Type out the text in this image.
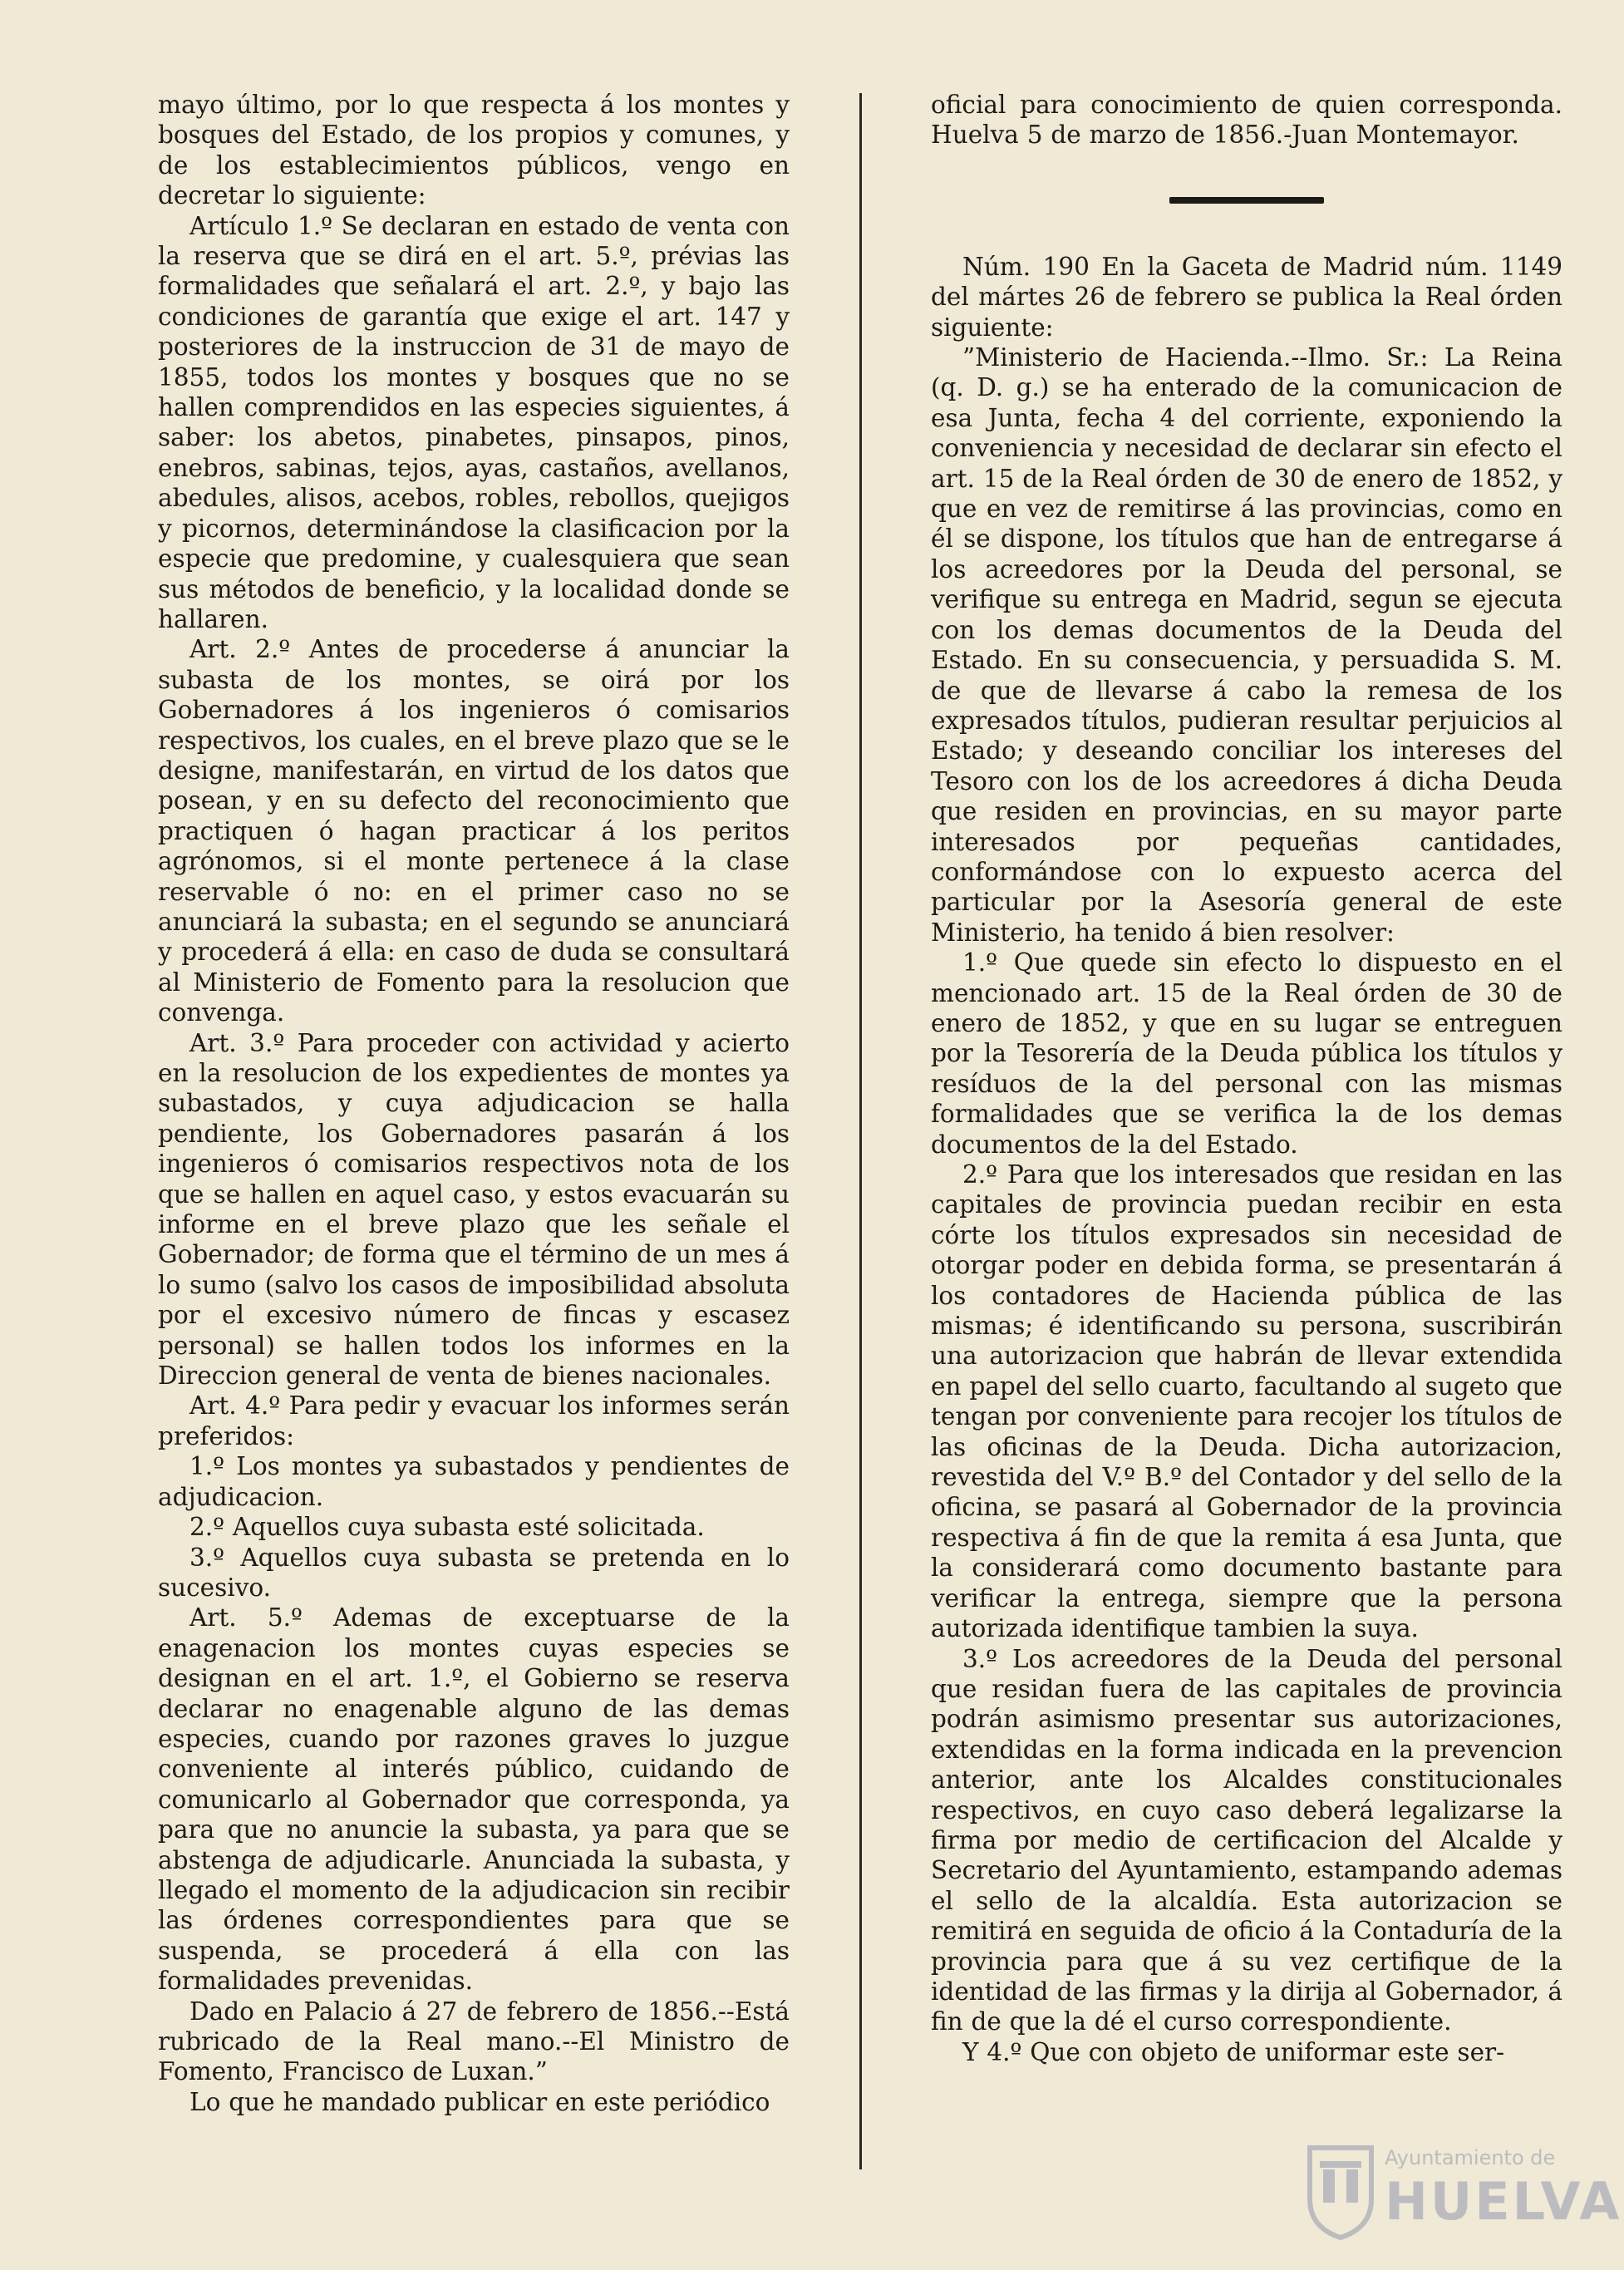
mayo último, por lo que respecta á los montes y bosques del Estado, de los propios y comunes, y de los establecimientos públicos, vengo en decretar lo siguiente:

Artículo 1.º Se declaran en estado de venta con la reserva que se dirá en el art. 5.º, prévias las formalidades que señalará el art. 2.º, y bajo las condiciones de garantía que exige el art. 147 y posteriores de la instruccion de 31 de mayo de 1855, todos los montes y bosques que no se hallen comprendidos en las especies siguientes, á saber: los abetos, pinabetes, pinsapos, pinos, enebros, sabinas, tejos, ayas, castaños, avellanos, abedules, alisos, acebos, robles, rebollos, quejigos y picornos, determinándose la clasificacion por la especie que predomine, y cualesquiera que sean sus métodos de beneficio, y la localidad donde se hallaren.

Art. 2.º Antes de procederse á anunciar la subasta de los montes, se oirá por los Gobernadores á los ingenieros ó comisarios respectivos, los cuales, en el breve plazo que se le designe, manifestarán, en virtud de los datos que posean, y en su defecto del reconocimiento que practiquen ó hagan practicar á los peritos agrónomos, si el monte pertenece á la clase reservable ó no: en el primer caso no se anunciará la subasta; en el segundo se anunciará y procederá á ella: en caso de duda se consultará al Ministerio de Fomento para la resolucion que convenga.

Art. 3.º Para proceder con actividad y acierto en la resolucion de los expedientes de montes ya subastados, y cuya adjudicacion se halla pendiente, los Gobernadores pasarán á los ingenieros ó comisarios respectivos nota de los que se hallen en aquel caso, y estos evacuarán su informe en el breve plazo que les señale el Gobernador; de forma que el término de un mes á lo sumo (salvo los casos de imposibilidad absoluta por el excesivo número de fincas y escasez personal) se hallen todos los informes en la Direccion general de venta de bienes nacionales.

Art. 4.º Para pedir y evacuar los informes serán preferidos:

1.º Los montes ya subastados y pendientes de adjudicacion.

2.º Aquellos cuya subasta esté solicitada.

3.º Aquellos cuya subasta se pretenda en lo sucesivo.

Art. 5.º Ademas de exceptuarse de la enagenacion los montes cuyas especies se designan en el art. 1.º, el Gobierno se reserva declarar no enagenable alguno de las demas especies, cuando por razones graves lo juzgue conveniente al interés público, cuidando de comunicarlo al Gobernador que corresponda, ya para que no anuncie la subasta, ya para que se abstenga de adjudicarle. Anunciada la subasta, y llegado el momento de la adjudicacion sin recibir las órdenes correspondientes para que se suspenda, se procederá á ella con las formalidades prevenidas.

Dado en Palacio á 27 de febrero de 1856.--Está rubricado de la Real mano.--El Ministro de Fomento, Francisco de Luxan.”

Lo que he mandado publicar en este periódico

oficial para conocimiento de quien corresponda. Huelva 5 de marzo de 1856.-Juan Montemayor.

Núm. 190 En la Gaceta de Madrid núm. 1149 del mártes 26 de febrero se publica la Real órden siguiente:

”Ministerio de Hacienda.--Ilmo. Sr.: La Reina (q. D. g.) se ha enterado de la comunicacion de esa Junta, fecha 4 del corriente, exponiendo la conveniencia y necesidad de declarar sin efecto el art. 15 de la Real órden de 30 de enero de 1852, y que en vez de remitirse á las provincias, como en él se dispone, los títulos que han de entregarse á los acreedores por la Deuda del personal, se verifique su entrega en Madrid, segun se ejecuta con los demas documentos de la Deuda del Estado. En su consecuencia, y persuadida S. M. de que de llevarse á cabo la remesa de los expresados títulos, pudieran resultar perjuicios al Estado; y deseando conciliar los intereses del Tesoro con los de los acreedores á dicha Deuda que residen en provincias, en su mayor parte interesados por pequeñas cantidades, conformándose con lo expuesto acerca del particular por la Asesoría general de este Ministerio, ha tenido á bien resolver:

1.º Que quede sin efecto lo dispuesto en el mencionado art. 15 de la Real órden de 30 de enero de 1852, y que en su lugar se entreguen por la Tesorería de la Deuda pública los títulos y resíduos de la del personal con las mismas formalidades que se verifica la de los demas documentos de la del Estado.

2.º Para que los interesados que residan en las capitales de provincia puedan recibir en esta córte los títulos expresados sin necesidad de otorgar poder en debida forma, se presentarán á los contadores de Hacienda pública de las mismas; é identificando su persona, suscribirán una autorizacion que habrán de llevar extendida en papel del sello cuarto, facultando al sugeto que tengan por conveniente para recojer los títulos de las oficinas de la Deuda. Dicha autorizacion, revestida del V.º B.º del Contador y del sello de la oficina, se pasará al Gobernador de la provincia respectiva á fin de que la remita á esa Junta, que la considerará como documento bastante para verificar la entrega, siempre que la persona autorizada identifique tambien la suya.

3.º Los acreedores de la Deuda del personal que residan fuera de las capitales de provincia podrán asimismo presentar sus autorizaciones, extendidas en la forma indicada en la prevencion anterior, ante los Alcaldes constitucionales respectivos, en cuyo caso deberá legalizarse la firma por medio de certificacion del Alcalde y Secretario del Ayuntamiento, estampando ademas el sello de la alcaldía. Esta autorizacion se remitirá en seguida de oficio á la Contaduría de la provincia para que á su vez certifique de la identidad de las firmas y la dirija al Gobernador, á fin de que la dé el curso correspondiente.

Y 4.º Que con objeto de uniformar este ser-

Ayuntamiento de
HUELVA
